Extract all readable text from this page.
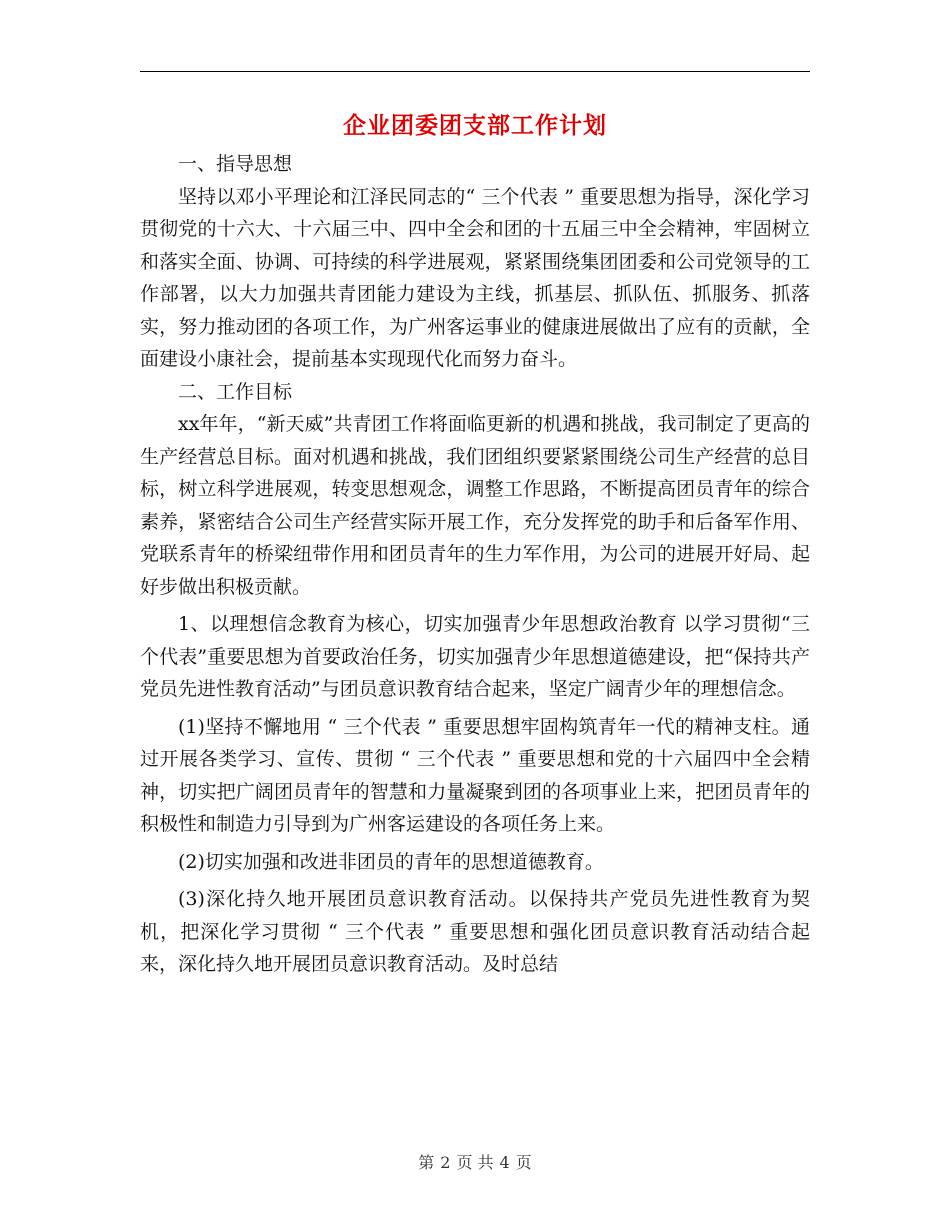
企业团委团支部工作计划

一、指导思想

坚持以邓小平理论和江泽民同志的“ 三个代表 ” 重要思想为指导，深化学习贯彻党的十六大、十六届三中、四中全会和团的十五届三中全会精神，牢固树立和落实全面、协调、可持续的科学进展观，紧紧围绕集团团委和公司党领导的工作部署，以大力加强共青团能力建设为主线，抓基层、抓队伍、抓服务、抓落实，努力推动团的各项工作，为广州客运事业的健康进展做出了应有的贡献，全面建设小康社会，提前基本实现现代化而努力奋斗。

二、工作目标

xx年年，“新天威”共青团工作将面临更新的机遇和挑战，我司制定了更高的生产经营总目标。面对机遇和挑战，我们团组织要紧紧围绕公司生产经营的总目标，树立科学进展观，转变思想观念，调整工作思路，不断提高团员青年的综合素养，紧密结合公司生产经营实际开展工作，充分发挥党的助手和后备军作用、党联系青年的桥梁纽带作用和团员青年的生力军作用，为公司的进展开好局、起好步做出积极贡献。

1、以理想信念教育为核心，切实加强青少年思想政治教育 以学习贯彻“三个代表”重要思想为首要政治任务，切实加强青少年思想道德建设，把“保持共产党员先进性教育活动”与团员意识教育结合起来，坚定广阔青少年的理想信念。

(1)坚持不懈地用 “ 三个代表 ” 重要思想牢固构筑青年一代的精神支柱。通过开展各类学习、宣传、贯彻 “ 三个代表 ” 重要思想和党的十六届四中全会精神，切实把广阔团员青年的智慧和力量凝聚到团的各项事业上来，把团员青年的积极性和制造力引导到为广州客运建设的各项任务上来。

(2)切实加强和改进非团员的青年的思想道德教育。

(3)深化持久地开展团员意识教育活动。以保持共产党员先进性教育为契机，把深化学习贯彻 “ 三个代表 ” 重要思想和强化团员意识教育活动结合起来，深化持久地开展团员意识教育活动。及时总结

第 2 页 共 4 页
